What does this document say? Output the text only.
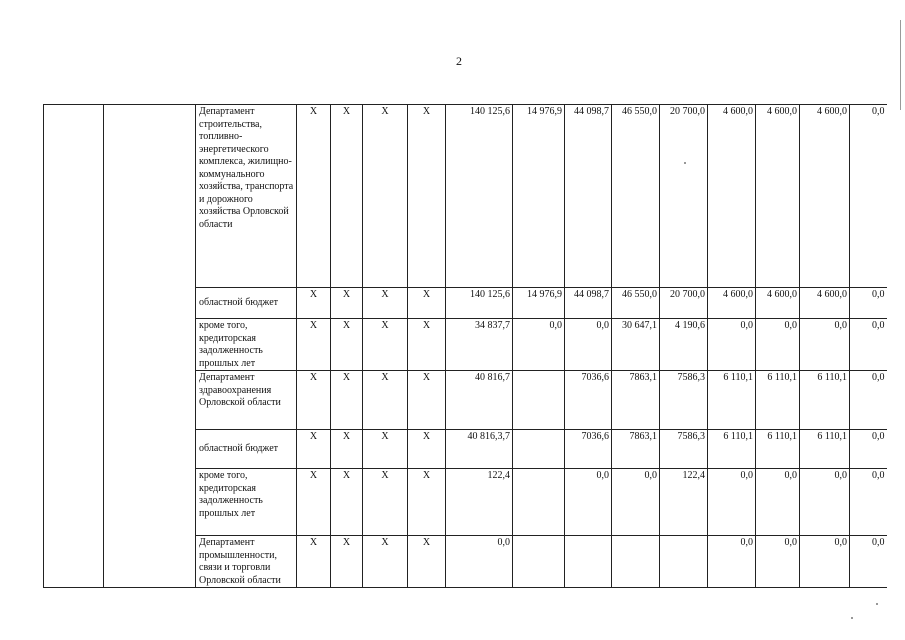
2
		Департамент строительства, топливно-энергетического комплекса, жилищно-коммунального хозяйства, транспорта и дорожного хозяйства Орловской области	X	X	X	X	140 125,6	14 976,9	44 098,7	46 550,0	20 700,0	4 600,0	4 600,0	4 600,0	0,0
		областной бюджет	X	X	X	X	140 125,6	14 976,9	44 098,7	46 550,0	20 700,0	4 600,0	4 600,0	4 600,0	0,0
		кроме того, кредиторская задолженность прошлых лет	X	X	X	X	34 837,7	0,0	0,0	30 647,1	4 190,6	0,0	0,0	0,0	0,0
		Департамент здравоохранения Орловской области	X	X	X	X	40 816,7		7036,6	7863,1	7586,3	6 110,1	6 110,1	6 110,1	0,0
		областной бюджет	X	X	X	X	40 816,3,7		7036,6	7863,1	7586,3	6 110,1	6 110,1	6 110,1	0,0
		кроме того, кредиторская задолженность прошлых лет	X	X	X	X	122,4		0,0	0,0	122,4	0,0	0,0	0,0	0,0
		Департамент промышленности, связи и торговли Орловской области	X	X	X	X	0,0					0,0	0,0	0,0	0,0
